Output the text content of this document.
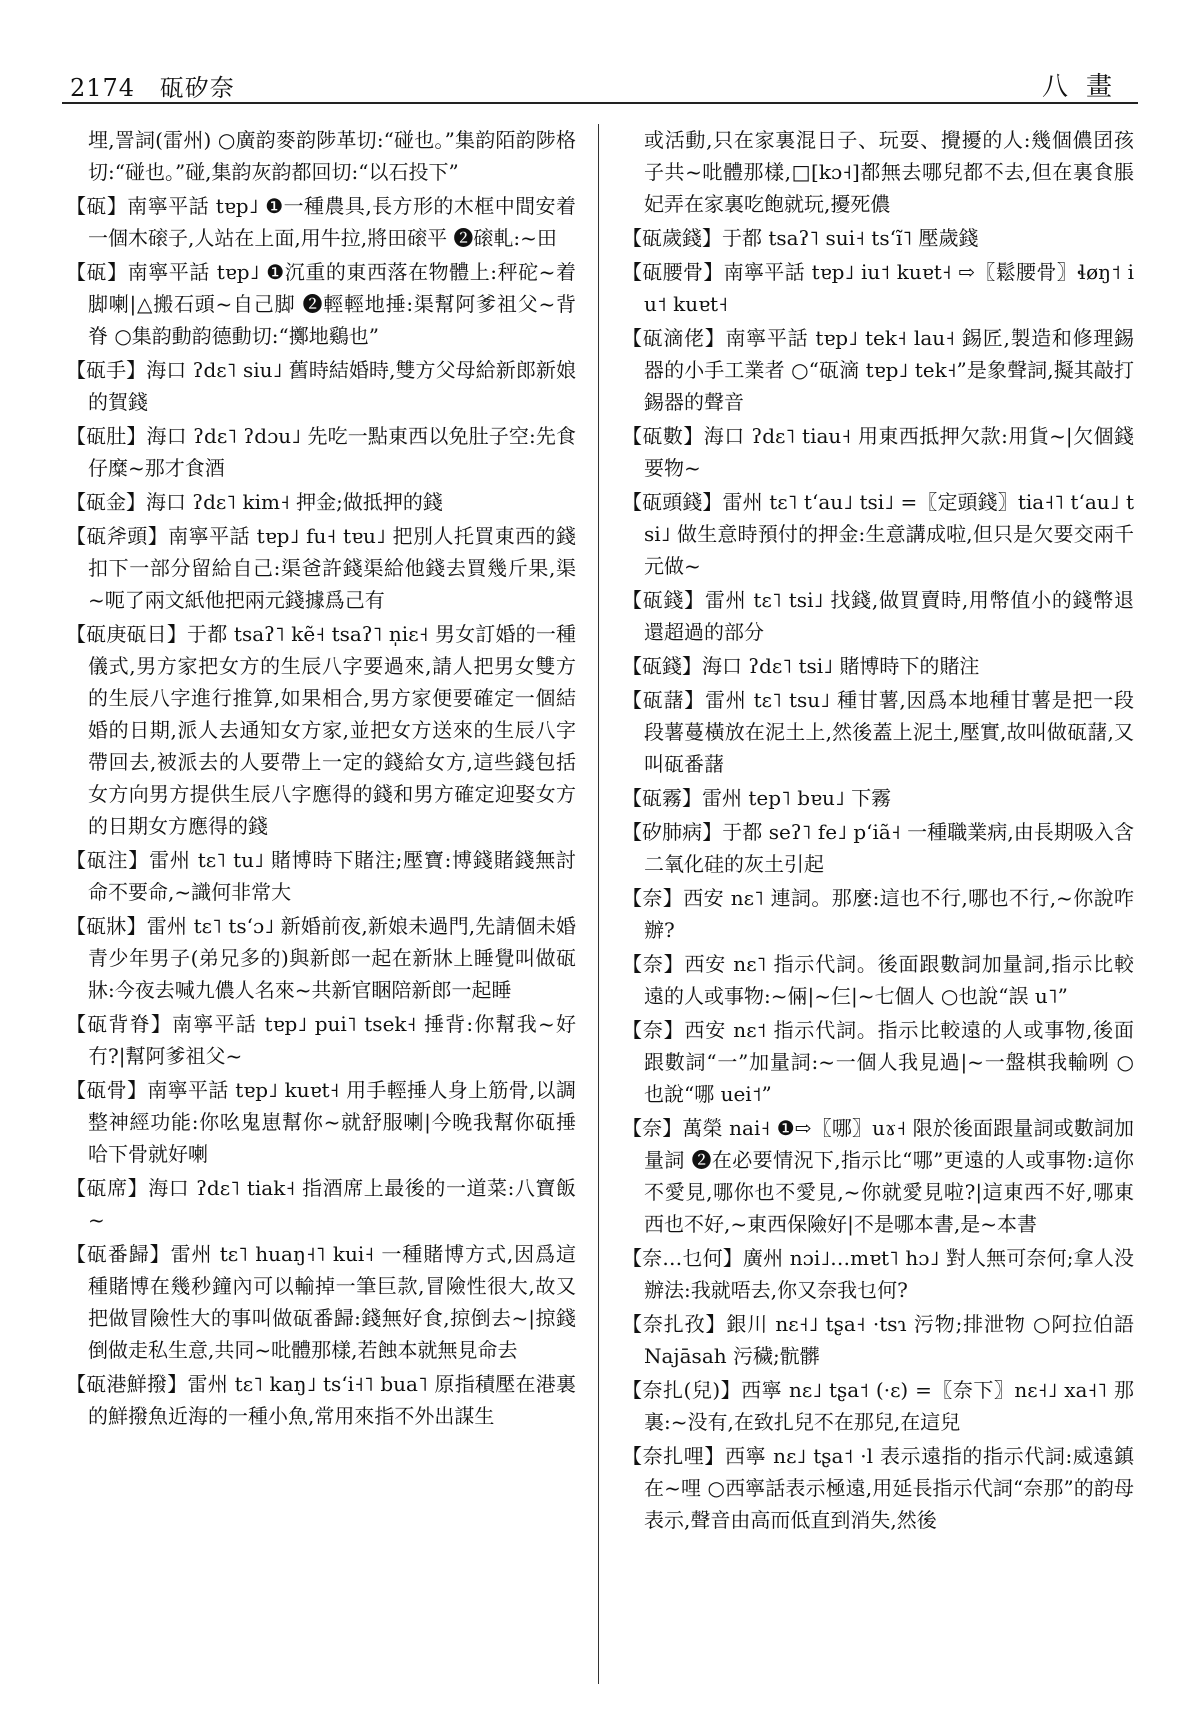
2174 砙矽奈	八畫

埋,詈詞(雷州) ○廣韵麥韵陟革切:“碰也。”集韵陌韵陟格切:“碰也。”碰,集韵灰韵都回切:“以石投下”

【砙】南寧平話 tɐp˩ ❶一種農具,長方形的木框中間安着一個木磙子,人站在上面,用牛拉,將田磙平 ❷磙軋:~田

【砙】南寧平話 tɐp˩ ❶沉重的東西落在物體上:秤砣~着脚喇|△搬石頭~自己脚 ❷輕輕地捶:渠幫阿爹祖父~背脊 ○集韵動韵德動切:“擲地鷄也”

【砙手】海口 ʔdɛ˥ siu˩ 舊時結婚時,雙方父母給新郎新娘的賀錢

【砙肚】海口 ʔdɛ˥ ʔdɔu˩ 先吃一點東西以免肚子空:先食仔糜~那才食酒

【砙金】海口 ʔdɛ˥ kim˧ 押金;做抵押的錢

【砙斧頭】南寧平話 tɐp˩ fu˧ tɐu˩ 把別人托買東西的錢扣下一部分留給自己:渠爸許錢渠給他錢去買幾斤果,渠~呃了兩文紙他把兩元錢據爲己有

【砙庚砙日】于都 tsaʔ˥ kẽ˧ tsaʔ˥ n̩iɛ˧ 男女訂婚的一種儀式,男方家把女方的生辰八字要過來,請人把男女雙方的生辰八字進行推算,如果相合,男方家便要確定一個結婚的日期,派人去通知女方家,並把女方送來的生辰八字帶回去,被派去的人要帶上一定的錢給女方,這些錢包括女方向男方提供生辰八字應得的錢和男方確定迎娶女方的日期女方應得的錢

【砙注】雷州 tɛ˥ tu˩ 賭博時下賭注;壓寶:博錢賭錢無討命不要命,~識何非常大

【砙牀】雷州 tɛ˥ tsʻɔ˩ 新婚前夜,新娘未過門,先請個未婚青少年男子(弟兄多的)與新郎一起在新牀上睡覺叫做砙牀:今夜去喊九儂人名來~共新官睏陪新郎一起睡

【砙背脊】南寧平話 tɐp˩ pui˥ tsek˧ 捶背:你幫我~好冇?|幫阿爹祖父~

【砙骨】南寧平話 tɐp˩ kuɐt˧ 用手輕捶人身上筋骨,以調整神經功能:你吆鬼崽幫你~就舒服喇|今晚我幫你砙捶哈下骨就好喇

【砙席】海口 ʔdɛ˥ tiak˧ 指酒席上最後的一道菜:八寶飯~

【砙番歸】雷州 tɛ˥ huaŋ˧˥ kui˧ 一種賭博方式,因爲這種賭博在幾秒鐘內可以輸掉一筆巨款,冒險性很大,故又把做冒險性大的事叫做砙番歸:錢無好食,掠倒去~|掠錢倒做走私生意,共同~吡體那樣,若蝕本就無見命去

【砙港鮮撥】雷州 tɛ˥ kaŋ˩ tsʻi˧˥ bua˥ 原指積壓在港裏的鮮撥魚近海的一種小魚,常用來指不外出謀生

或活動,只在家裏混日子、玩耍、攪擾的人:幾個儂囝孩子共~吡體那樣,□[kɔ˧]都無去哪兒都不去,但在裏食脹妃弄在家裏吃飽就玩,擾死儂

【砙歲錢】于都 tsaʔ˥ sui˧ tsʻĩ˥ 壓歲錢

【砙腰骨】南寧平話 tɐp˩ iu˦ kuɐt˧ ⇨〖鬆腰骨〗ɬøŋ˦ iu˦ kuɐt˧

【砙滴佬】南寧平話 tɐp˩ tek˧ lau˧ 錫匠,製造和修理錫器的小手工業者 ○“砙滴 tɐp˩ tek˧”是象聲詞,擬其敲打錫器的聲音

【砙數】海口 ʔdɛ˥ tiau˧ 用東西抵押欠款:用貨~|欠個錢要物~

【砙頭錢】雷州 tɛ˥ tʻau˩ tsi˩ =〖定頭錢〗tia˧˥ tʻau˩ tsi˩ 做生意時預付的押金:生意講成啦,但只是欠要交兩千元做~

【砙錢】雷州 tɛ˥ tsi˩ 找錢,做買賣時,用幣值小的錢幣退還超過的部分

【砙錢】海口 ʔdɛ˥ tsi˩ 賭博時下的賭注

【砙藷】雷州 tɛ˥ tsu˩ 種甘薯,因爲本地種甘薯是把一段段薯蔓橫放在泥土上,然後蓋上泥土,壓實,故叫做砙藷,又叫砙番藷

【砙霧】雷州 tep˥ bɐu˩ 下霧

【矽肺病】于都 seʔ˥ fe˩ pʻiã˧ 一種職業病,由長期吸入含二氧化硅的灰土引起

【奈】西安 nɛ˥ 連詞。那麼:這也不行,哪也不行,~你說咋辦?

【奈】西安 nɛ˥ 指示代詞。後面跟數詞加量詞,指示比較遠的人或事物:~倆|~仨|~七個人 ○也說“誤 u˥”

【奈】西安 nɛ˦ 指示代詞。指示比較遠的人或事物,後面跟數詞“一”加量詞:~一個人我見過|~一盤棋我輸咧 ○也說“哪 uei˦”

【奈】萬榮 nai˧ ❶⇨〖哪〗uɤ˧ 限於後面跟量詞或數詞加量詞 ❷在必要情況下,指示比“哪”更遠的人或事物:這你不愛見,哪你也不愛見,~你就愛見啦?|這東西不好,哪東西也不好,~東西保險好|不是哪本書,是~本書

【奈…乜何】廣州 nɔi˩…mɐt˥ hɔ˩ 對人無可奈何;拿人没辦法:我就唔去,你又奈我乜何?

【奈扎孜】銀川 nɛ˧˩ tʂa˧ ·tsɿ 污物;排泄物 ○阿拉伯語 Najāsah 污穢;骯髒

【奈扎(兒)】西寧 nɛ˩ tʂa˦ (·ɛ) =〖奈下〗nɛ˧˩ xa˧˥ 那裏:~没有,在致扎兒不在那兒,在這兒

【奈扎哩】西寧 nɛ˩ tʂa˦ ·l 表示遠指的指示代詞:威遠鎮在~哩 ○西寧話表示極遠,用延長指示代詞“奈那”的韵母表示,聲音由高而低直到消失,然後
